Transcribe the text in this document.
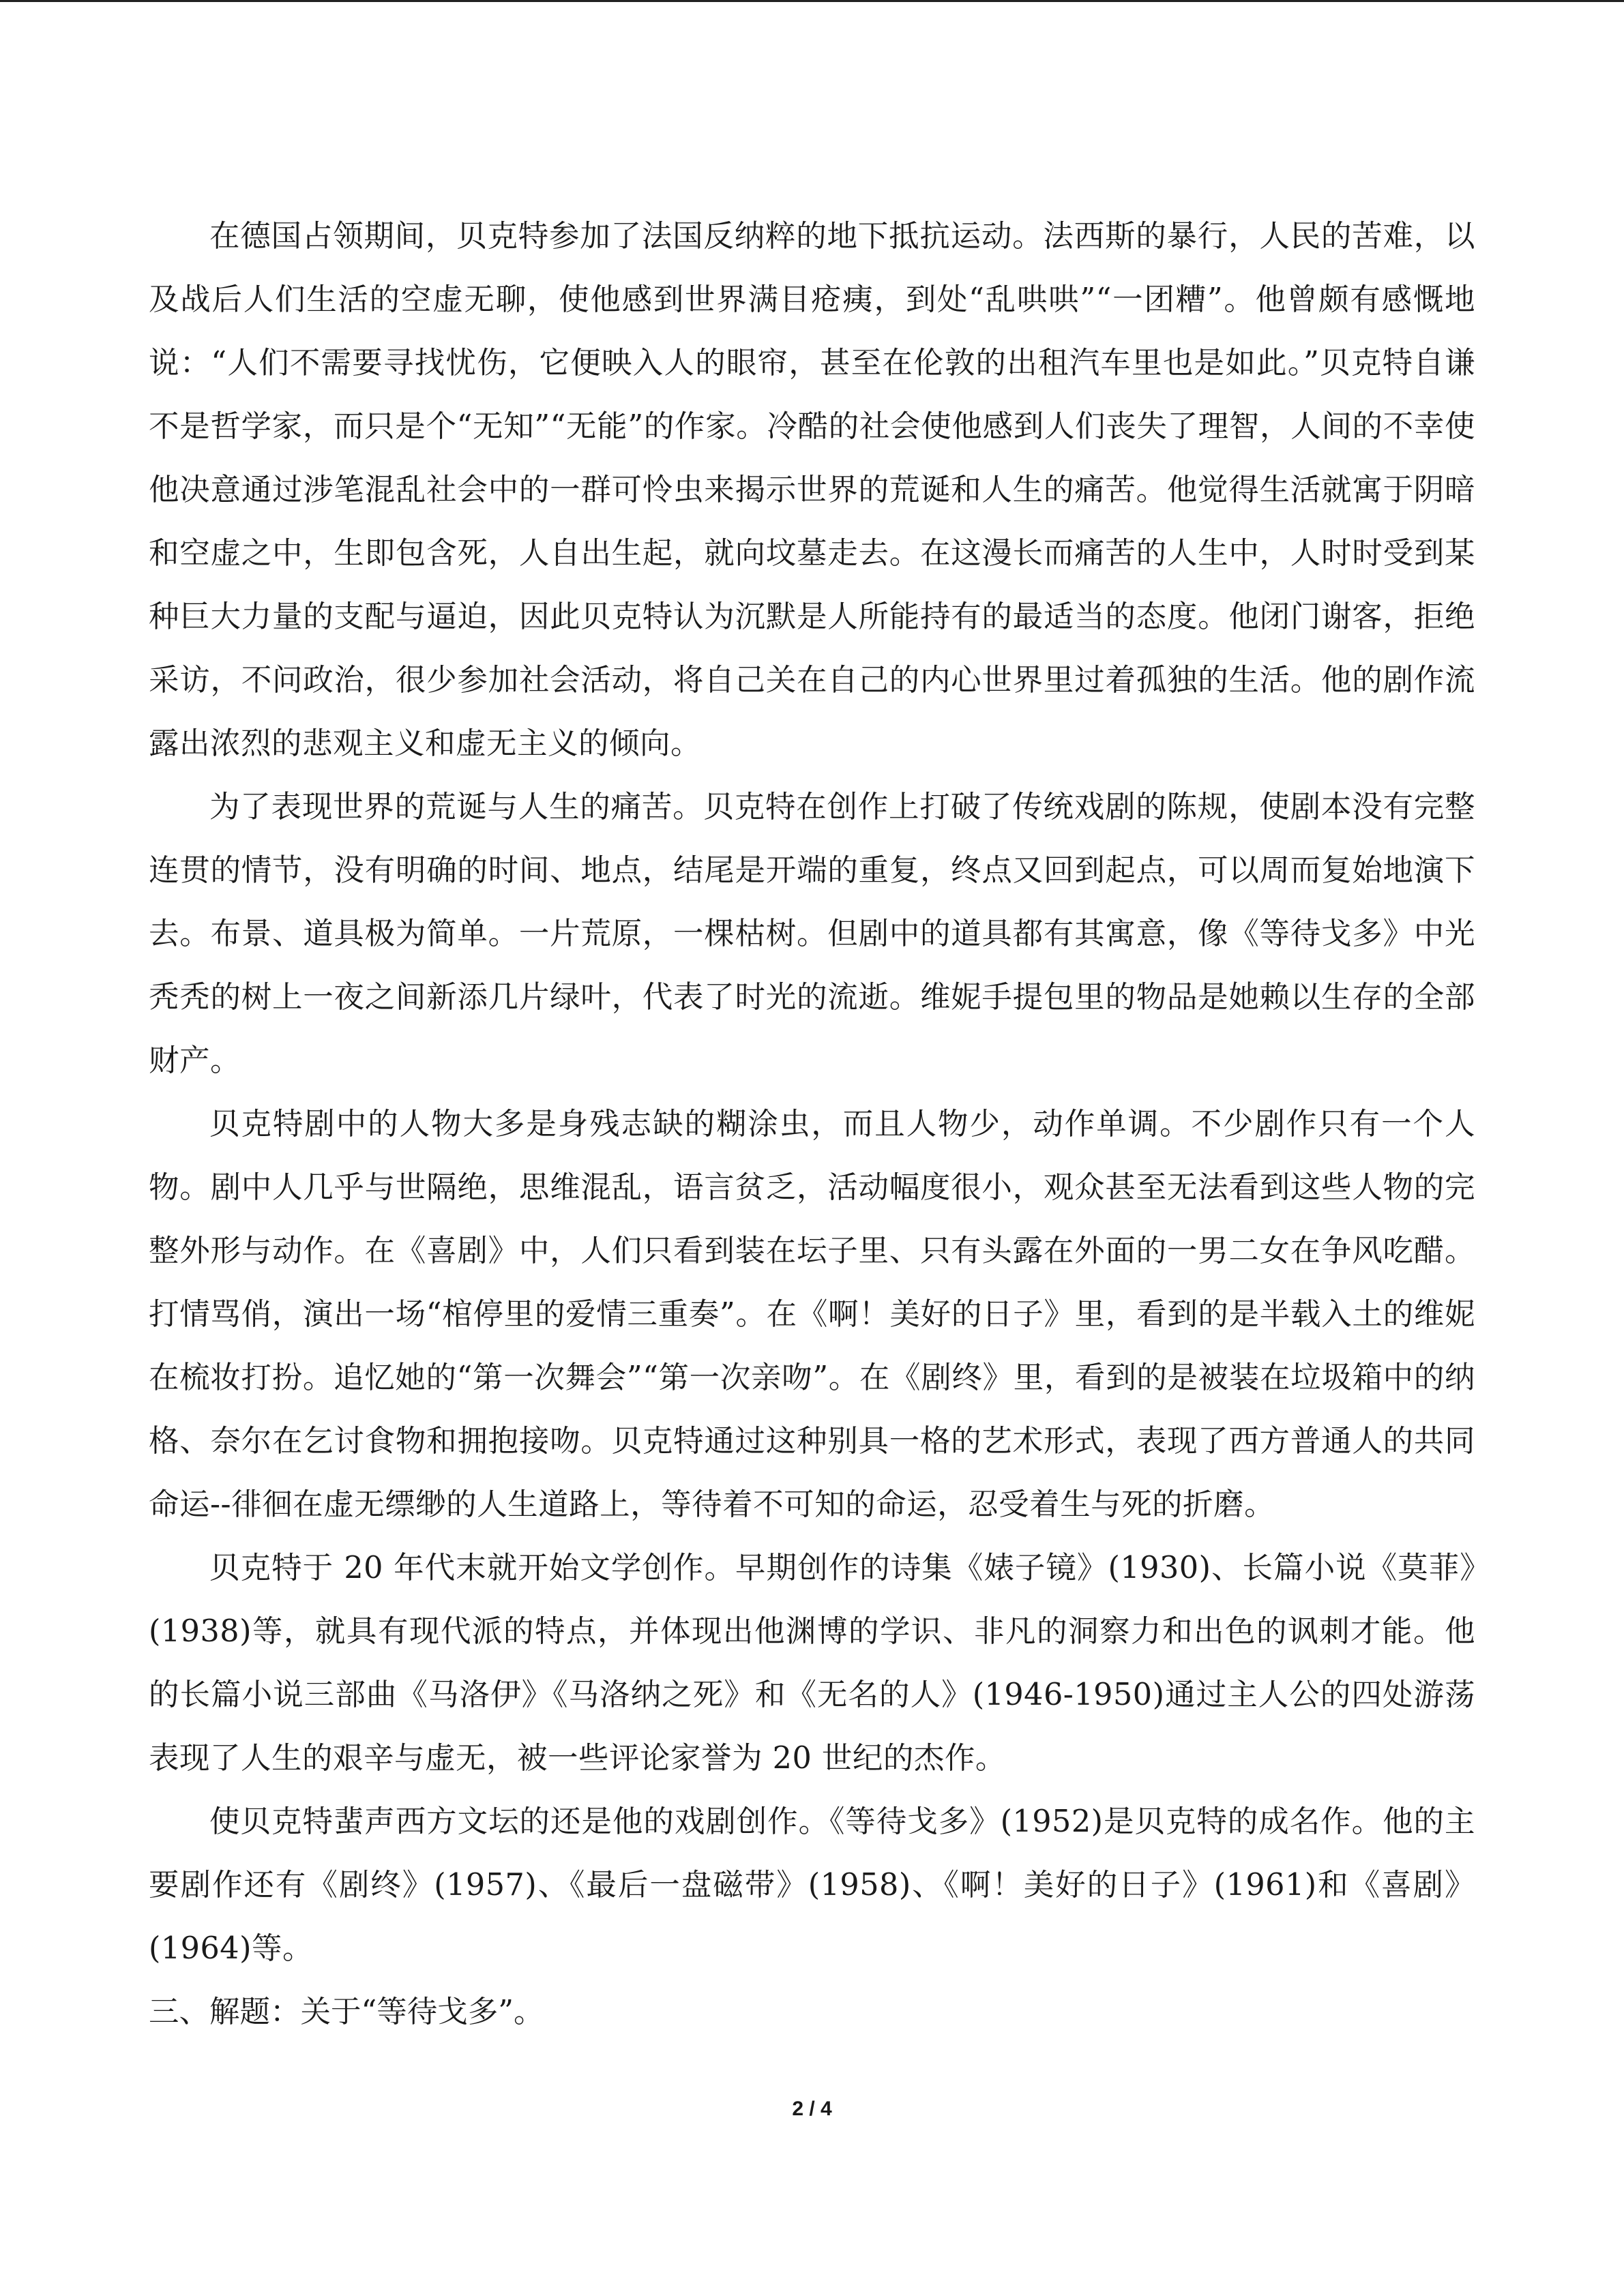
在德国占领期间，贝克特参加了法国反纳粹的地下抵抗运动。法西斯的暴行，人民的苦难，以及战后人们生活的空虚无聊，使他感到世界满目疮痍，到处“乱哄哄”“一团糟”。他曾颇有感慨地说：“人们不需要寻找忧伤，它便映入人的眼帘，甚至在伦敦的出租汽车里也是如此。”贝克特自谦不是哲学家，而只是个“无知”“无能”的作家。冷酷的社会使他感到人们丧失了理智，人间的不幸使他决意通过涉笔混乱社会中的一群可怜虫来揭示世界的荒诞和人生的痛苦。他觉得生活就寓于阴暗和空虚之中，生即包含死，人自出生起，就向坟墓走去。在这漫长而痛苦的人生中，人时时受到某种巨大力量的支配与逼迫，因此贝克特认为沉默是人所能持有的最适当的态度。他闭门谢客，拒绝采访，不问政治，很少参加社会活动，将自己关在自己的内心世界里过着孤独的生活。他的剧作流露出浓烈的悲观主义和虚无主义的倾向。

为了表现世界的荒诞与人生的痛苦。贝克特在创作上打破了传统戏剧的陈规，使剧本没有完整连贯的情节，没有明确的时间、地点，结尾是开端的重复，终点又回到起点，可以周而复始地演下去。布景、道具极为简单。一片荒原，一棵枯树。但剧中的道具都有其寓意，像《等待戈多》中光秃秃的树上一夜之间新添几片绿叶，代表了时光的流逝。维妮手提包里的物品是她赖以生存的全部财产。

贝克特剧中的人物大多是身残志缺的糊涂虫，而且人物少，动作单调。不少剧作只有一个人物。剧中人几乎与世隔绝，思维混乱，语言贫乏，活动幅度很小，观众甚至无法看到这些人物的完整外形与动作。在《喜剧》中，人们只看到装在坛子里、只有头露在外面的一男二女在争风吃醋。打情骂俏，演出一场“棺停里的爱情三重奏”。在《啊！美好的日子》里，看到的是半载入土的维妮在梳妆打扮。追忆她的“第一次舞会”“第一次亲吻”。在《剧终》里，看到的是被装在垃圾箱中的纳格、奈尔在乞讨食物和拥抱接吻。贝克特通过这种别具一格的艺术形式，表现了西方普通人的共同命运--徘徊在虚无缥缈的人生道路上，等待着不可知的命运，忍受着生与死的折磨。

贝克特于 20 年代末就开始文学创作。早期创作的诗集《婊子镜》(1930)、长篇小说《莫菲》(1938)等，就具有现代派的特点，并体现出他渊博的学识、非凡的洞察力和出色的讽刺才能。他的长篇小说三部曲《马洛伊》《马洛纳之死》和《无名的人》(1946-1950)通过主人公的四处游荡表现了人生的艰辛与虚无，被一些评论家誉为 20 世纪的杰作。

使贝克特蜚声西方文坛的还是他的戏剧创作。《等待戈多》(1952)是贝克特的成名作。他的主要剧作还有《剧终》(1957)、《最后一盘磁带》(1958)、《啊！美好的日子》(1961)和《喜剧》(1964)等。

三、解题：关于“等待戈多”。

2 / 4
